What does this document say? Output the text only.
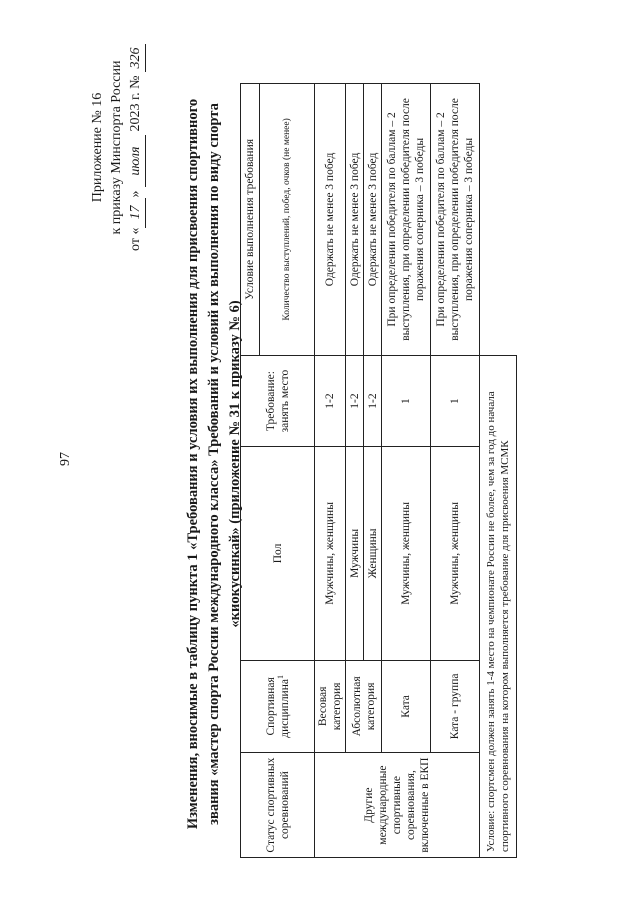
97
Приложение № 16 к приказу Минспорта России
от «17» июля 2023 г. № 326
Изменения, вносимые в таблицу пункта 1 «Требования и условия их выполнения для присвоения спортивного звания «мастер спорта России международного класса» Требований и условий их выполнения по виду спорта «киокусинкай» (приложение № 31 к приказу № 6)
Статус спортивных соревнований	Спортивная дисциплина$^1$	Пол	Требование: занять место	Условие выполнения требования
				Количество выступлений, побед, очков (не менее)
Другие международные спортивные соревнования, включенные в ЕКП	Весовая категория	Мужчины, женщины	1-2	Одержать не менее 3 побед
	Абсолютная категория	Мужчины	1-2	Одержать не менее 3 побед
		Женщины	1-2	Одержать не менее 3 побед
	Ката	Мужчины, женщины	1	При определении победителя по баллам – 2 выступления, при определении победителя после поражения соперника – 3 победы
	Ката - группа	Мужчины, женщины	1	При определении победителя по баллам – 2 выступления, при определении победителя после поражения соперника – 3 победы
Условие: спортсмен должен занять 1-4 место на чемпионате России не более, чем за год до начала спортивного соревнования на котором выполняется требование для присвоения МСМК				
